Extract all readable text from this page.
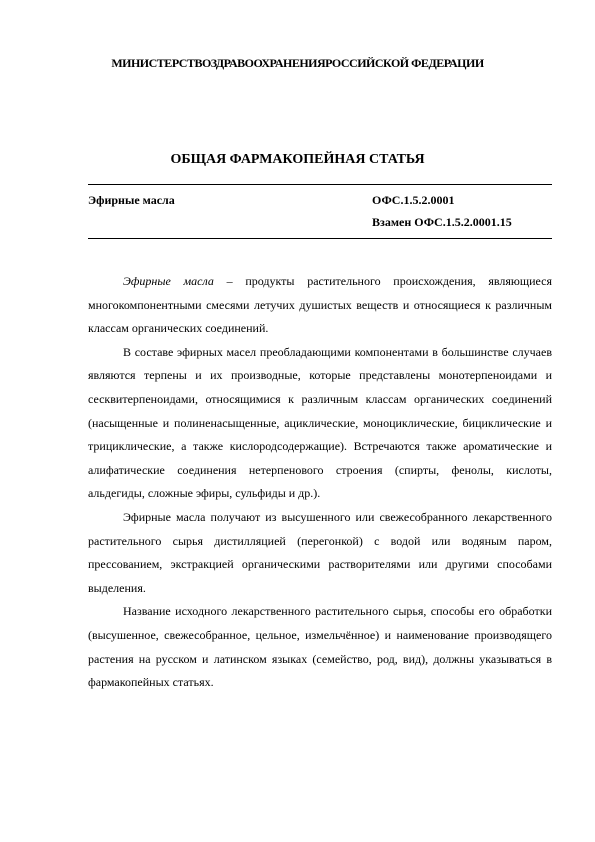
МИНИСТЕРСТВОЗДРАВООХРАНЕНИЯРОССИЙСКОЙ ФЕДЕРАЦИИ
ОБЩАЯ ФАРМАКОПЕЙНАЯ СТАТЬЯ
Эфирные масла	ОФС.1.5.2.0001
Взамен ОФС.1.5.2.0001.15

Эфирные масла – продукты растительного происхождения, являющиеся многокомпонентными смесями летучих душистых веществ и относящиеся к различным классам органических соединений.

В составе эфирных масел преобладающими компонентами в большинстве случаев являются терпены и их производные, которые представлены монотерпеноидами и сесквитерпеноидами, относящимися к различным классам органических соединений (насыщенные и полиненасыщенные, ациклические, моноциклические, бициклические и трициклические, а также кислородсодержащие). Встречаются также ароматические и алифатические соединения нетерпенового строения (спирты, фенолы, кислоты, альдегиды, сложные эфиры, сульфиды и др.).

Эфирные масла получают из высушенного или свежесобранного лекарственного растительного сырья дистилляцией (перегонкой) с водой или водяным паром, прессованием, экстракцией органическими растворителями или другими способами выделения.

Название исходного лекарственного растительного сырья, способы его обработки (высушенное, свежесобранное, цельное, измельчённое) и наименование производящего растения на русском и латинском языках (семейство, род, вид), должны указываться в фармакопейных статьях.
